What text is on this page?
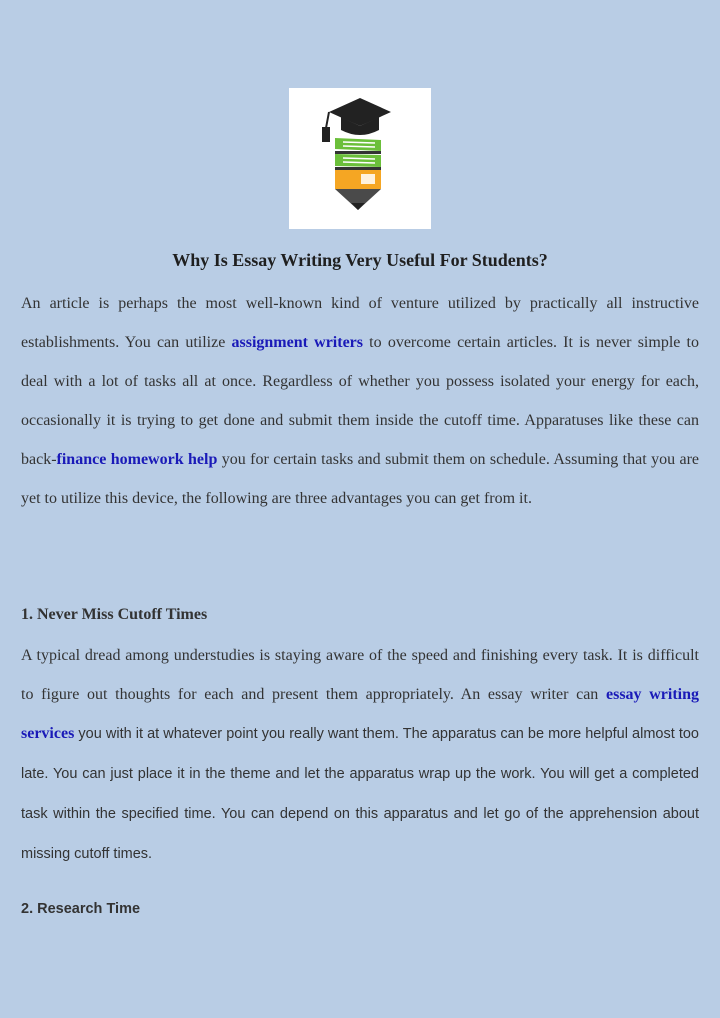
Why Is Essay Writing Very Useful For Students?

An article is perhaps the most well-known kind of venture utilized by practically all instructive establishments. You can utilize assignment writers to overcome certain articles. It is never simple to deal with a lot of tasks all at once. Regardless of whether you possess isolated your energy for each, occasionally it is trying to get done and submit them inside the cutoff time. Apparatuses like these can back-finance homework help you for certain tasks and submit them on schedule. Assuming that you are yet to utilize this device, the following are three advantages you can get from it.

1. Never Miss Cutoff Times

A typical dread among understudies is staying aware of the speed and finishing every task. It is difficult to figure out thoughts for each and present them appropriately. An essay writer can essay writing services you with it at whatever point you really want them. The apparatus can be more helpful almost too late. You can just place it in the theme and let the apparatus wrap up the work. You will get a completed task within the specified time. You can depend on this apparatus and let go of the apprehension about missing cutoff times.

2. Research Time
